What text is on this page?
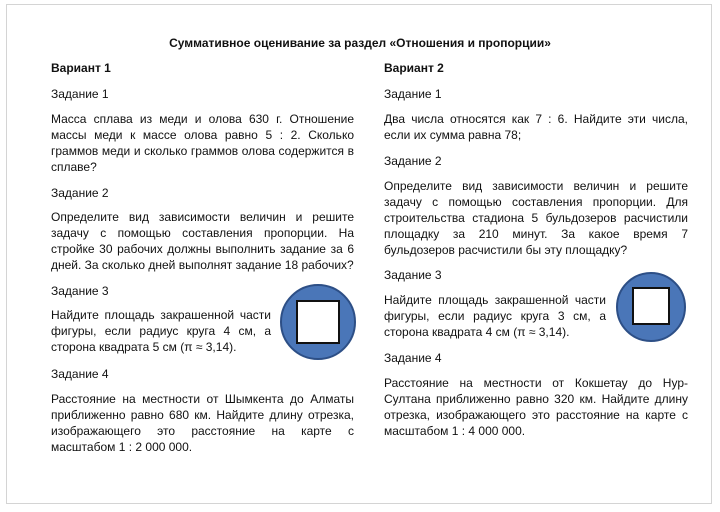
Суммативное оценивание за раздел «Отношения и пропорции»
Вариант 1
Задание 1
Масса сплава из меди и олова 630 г. Отношение массы меди к массе олова равно 5 : 2. Сколько граммов меди и сколько граммов олова содержится в сплаве?
Задание 2
Определите вид зависимости величин и решите задачу с помощью составления пропорции. На стройке 30 рабочих должны выполнить задание за 6 дней. За сколько дней выполнят задание 18 рабочих?
Задание 3
Найдите площадь закрашенной части фигуры, если радиус круга 4 см, а сторона квадрата 5 см (π ≈ 3,14).
Задание 4
Расстояние на местности от Шымкента до Алматы приближенно равно 680 км. Найдите длину отрезка, изображающего это расстояние на карте с масштабом 1 : 2 000 000.
Вариант 2
Задание 1
Два числа относятся как 7 : 6. Найдите эти числа, если их сумма равна 78;
Задание 2
Определите вид зависимости величин и решите задачу с помощью составления пропорции. Для строительства стадиона 5 бульдозеров расчистили площадку за 210 минут. За какое время 7 бульдозеров расчистили бы эту площадку?
Задание 3
Найдите площадь закрашенной части фигуры, если радиус круга 3 см, а сторона квадрата 4 см (π ≈ 3,14).
Задание 4
Расстояние на местности от Кокшетау до Нур-Султана приближенно равно 320 км. Найдите длину отрезка, изображающего это расстояние на карте с масштабом 1 : 4 000 000.
